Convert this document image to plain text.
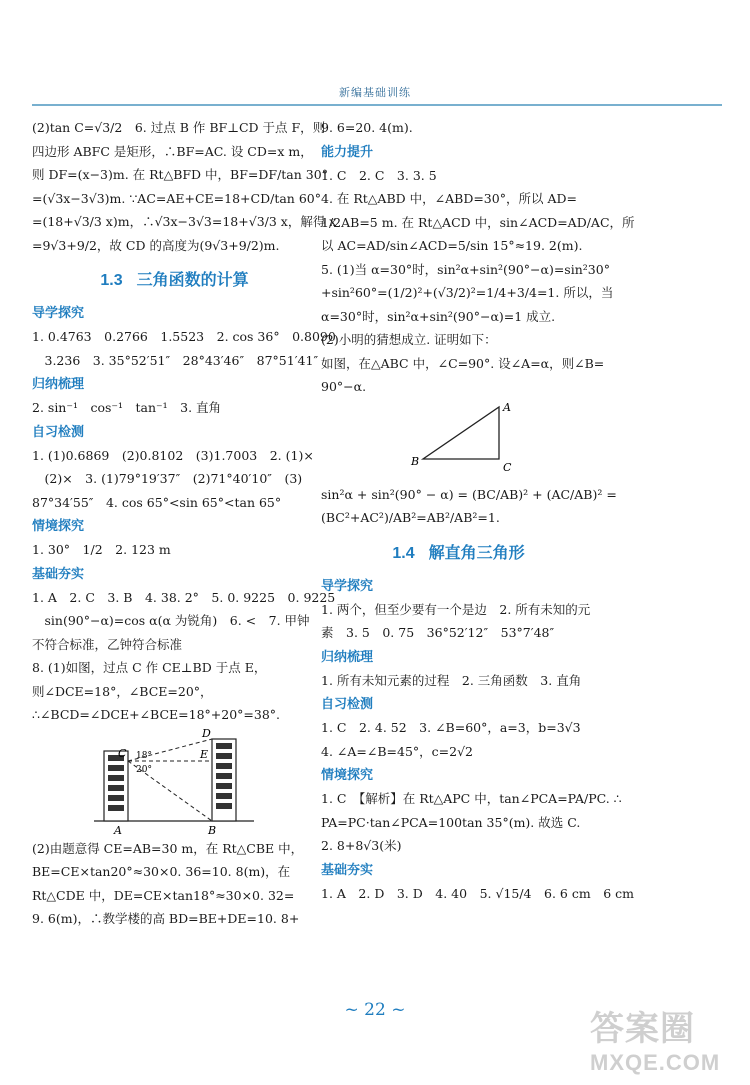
新编基础训练
(2)tan C=√3/2　6. 过点 B 作 BF⊥CD 于点 F，则
四边形 ABFC 是矩形，∴BF=AC. 设 CD=x m，
则 DF=(x−3)m. 在 Rt△BFD 中，BF=DF/tan 30°
=(√3x−3√3)m. ∵AC=AE+CE=18+CD/tan 60°
=(18+√3/3 x)m，∴√3x−3√3=18+√3/3 x，解得 x
=9√3+9/2，故 CD 的高度为(9√3+9/2)m.
1.3 三角函数的计算
导学探究
1. 0.4763　0.2766　1.5523　2. cos 36°　0.8090
　3.236　3. 35°52′51″　28°43′46″　87°51′41″
归纳梳理
2. sin⁻¹　cos⁻¹　tan⁻¹　3. 直角
自习检测
1. (1)0.6869　(2)0.8102　(3)1.7003　2. (1)×
　(2)×　3. (1)79°19′37″　(2)71°40′10″　(3)
87°34′55″　4. cos 65°<sin 65°<tan 65°
情境探究
1. 30°　1/2　2. 123 m
基础夯实
1. A　2. C　3. B　4. 38. 2°　5. 0. 9225　0. 9225
　sin(90°−α)=cos α(α 为锐角)　6. <　7. 甲钟
不符合标准，乙钟符合标准
8. (1)如图，过点 C 作 CE⊥BD 于点 E，
则∠DCE=18°，∠BCE=20°，
∴∠BCD=∠DCE+∠BCE=18°+20°=38°.
C
D
E
A	B
18°
20°
(2)由题意得 CE=AB=30 m，在 Rt△CBE 中，
BE=CE×tan20°≈30×0. 36=10. 8(m)，在
Rt△CDE 中，DE=CE×tan18°≈30×0. 32=
9. 6(m)，∴教学楼的高 BD=BE+DE=10. 8+
9. 6=20. 4(m).
能力提升
1. C　2. C　3. 3. 5
4. 在 Rt△ABD 中，∠ABD=30°，所以 AD=
1/2AB=5 m. 在 Rt△ACD 中，sin∠ACD=AD/AC，所
以 AC=AD/sin∠ACD=5/sin 15°≈19. 2(m).
5. (1)当 α=30°时，sin²α+sin²(90°−α)=sin²30°
+sin²60°=(1/2)²+(√3/2)²=1/4+3/4=1. 所以，当
α=30°时，sin²α+sin²(90°−α)=1 成立.
(2)小明的猜想成立. 证明如下：
如图，在△ABC 中，∠C=90°. 设∠A=α，则∠B=
90°−α.
B
A
C
sin²α + sin²(90° − α) = (BC/AB)² + (AC/AB)² =
(BC²+AC²)/AB²=AB²/AB²=1.
1.4 解直角三角形
导学探究
1. 两个，但至少要有一个是边　2. 所有未知的元
素　3. 5　0. 75　36°52′12″　53°7′48″
归纳梳理
1. 所有未知元素的过程　2. 三角函数　3. 直角
自习检测
1. C　2. 4. 52　3. ∠B=60°，a=3，b=3√3
4. ∠A=∠B=45°，c=2√2
情境探究
1. C　【解析】在 Rt△APC 中，tan∠PCA=PA/PC. ∴
PA=PC·tan∠PCA=100tan 35°(m). 故选 C.
2. 8+8√3(米)
基础夯实
1. A　2. D　3. D　4. 40　5. √15/4　6. 6 cm　6 cm
~ 22 ~	答案圈
MXQE.COM
